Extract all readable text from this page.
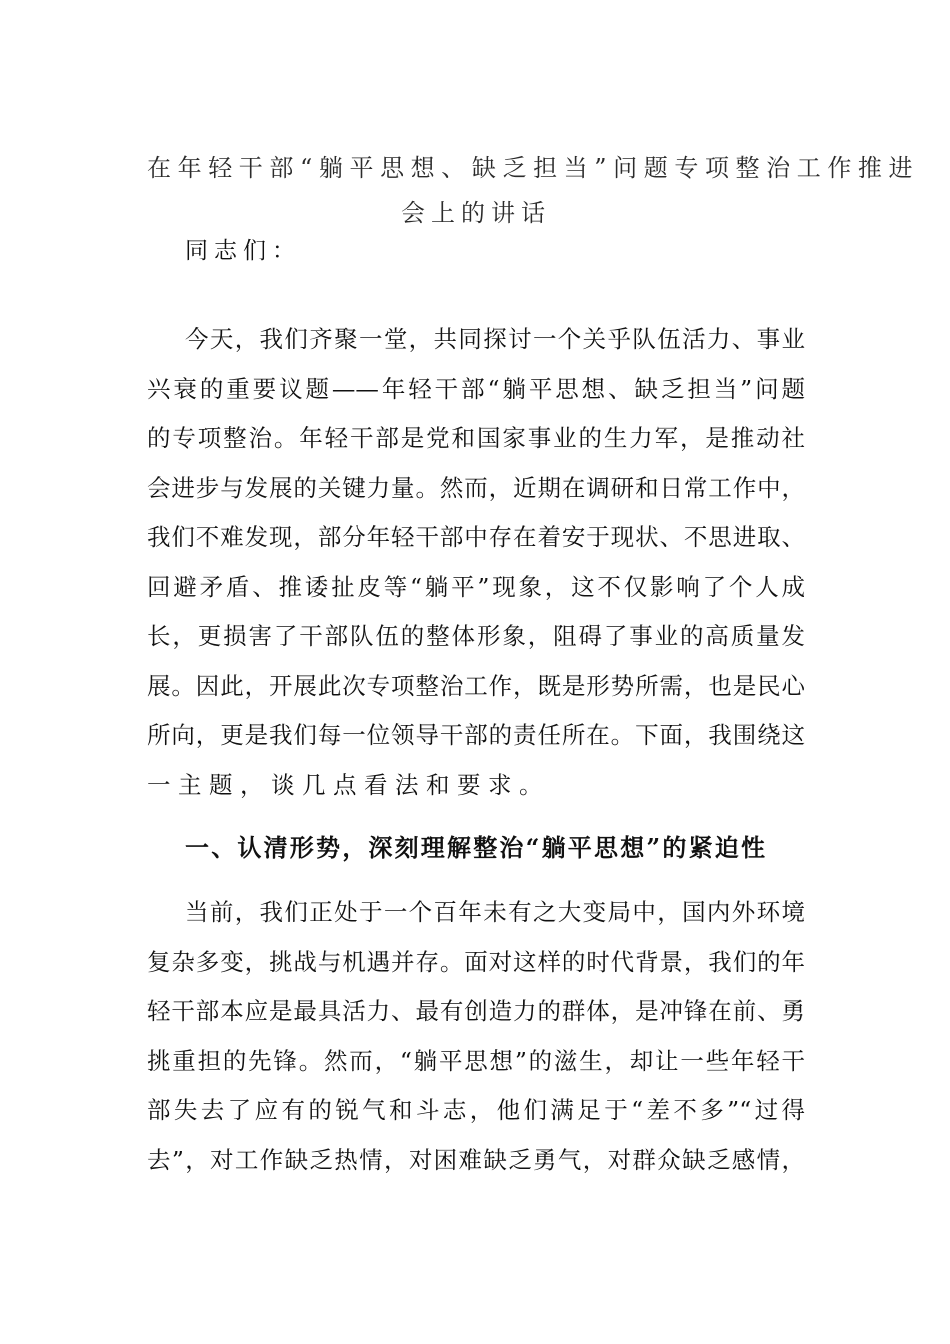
在年轻干部“躺平思想、缺乏担当”问题专项整治工作推进
会上的讲话
同志们：
今天，我们齐聚一堂，共同探讨一个关乎队伍活力、事业
兴衰的重要议题——年轻干部“躺平思想、缺乏担当”问题
的专项整治。年轻干部是党和国家事业的生力军，是推动社
会进步与发展的关键力量。然而，近期在调研和日常工作中，
我们不难发现，部分年轻干部中存在着安于现状、不思进取、
回避矛盾、推诿扯皮等“躺平”现象，这不仅影响了个人成
长，更损害了干部队伍的整体形象，阻碍了事业的高质量发
展。因此，开展此次专项整治工作，既是形势所需，也是民心
所向，更是我们每一位领导干部的责任所在。下面，我围绕这
一主题，谈几点看法和要求。
一、认清形势，深刻理解整治“躺平思想”的紧迫性
当前，我们正处于一个百年未有之大变局中，国内外环境
复杂多变，挑战与机遇并存。面对这样的时代背景，我们的年
轻干部本应是最具活力、最有创造力的群体，是冲锋在前、勇
挑重担的先锋。然而，“躺平思想”的滋生，却让一些年轻干
部失去了应有的锐气和斗志，他们满足于“差不多”“过得
去”，对工作缺乏热情，对困难缺乏勇气，对群众缺乏感情，
